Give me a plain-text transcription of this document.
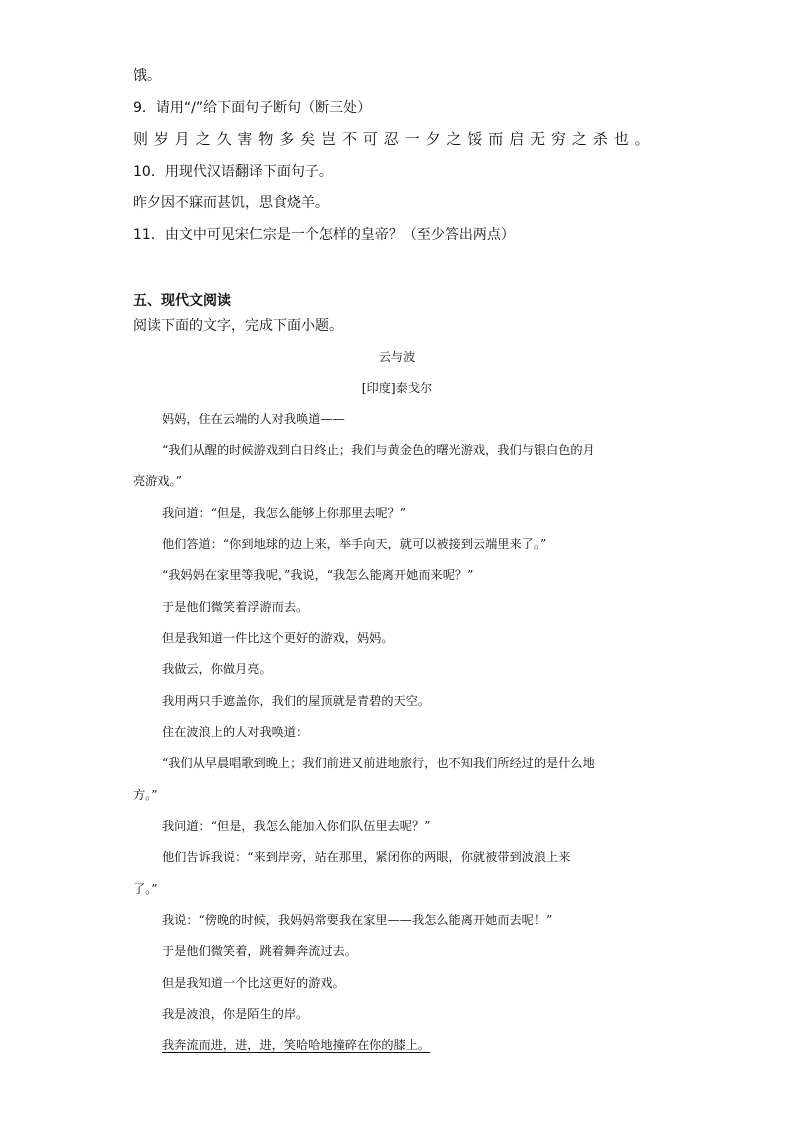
饿。
9．请用“/”给下面句子断句（断三处）
则岁月之久害物多矣岂不可忍一夕之馁而启无穷之杀也。
10．用现代汉语翻译下面句子。
昨夕因不寐而甚饥，思食烧羊。
11．由文中可见宋仁宗是一个怎样的皇帝？（至少答出两点）
五、现代文阅读
阅读下面的文字，完成下面小题。
云与波
[印度]泰戈尔
妈妈，住在云端的人对我唤道——
“我们从醒的时候游戏到白日终止；我们与黄金色的曙光游戏，我们与银白色的月
亮游戏。”
我问道：“但是，我怎么能够上你那里去呢？”
他们答道：“你到地球的边上来，举手向天，就可以被接到云端里来了。”
“我妈妈在家里等我呢，”我说，“我怎么能离开她而来呢？”
于是他们微笑着浮游而去。
但是我知道一件比这个更好的游戏，妈妈。
我做云，你做月亮。
我用两只手遮盖你，我们的屋顶就是青碧的天空。
住在波浪上的人对我唤道：
“我们从早晨唱歌到晚上；我们前进又前进地旅行，也不知我们所经过的是什么地
方。”
我问道：“但是，我怎么能加入你们队伍里去呢？”
他们告诉我说：“来到岸旁，站在那里，紧闭你的两眼，你就被带到波浪上来
了。”
我说：“傍晚的时候，我妈妈常要我在家里——我怎么能离开她而去呢！”
于是他们微笑着，跳着舞奔流过去。
但是我知道一个比这更好的游戏。
我是波浪，你是陌生的岸。
我奔流而进，进，进，笑哈哈地撞碎在你的膝上。
